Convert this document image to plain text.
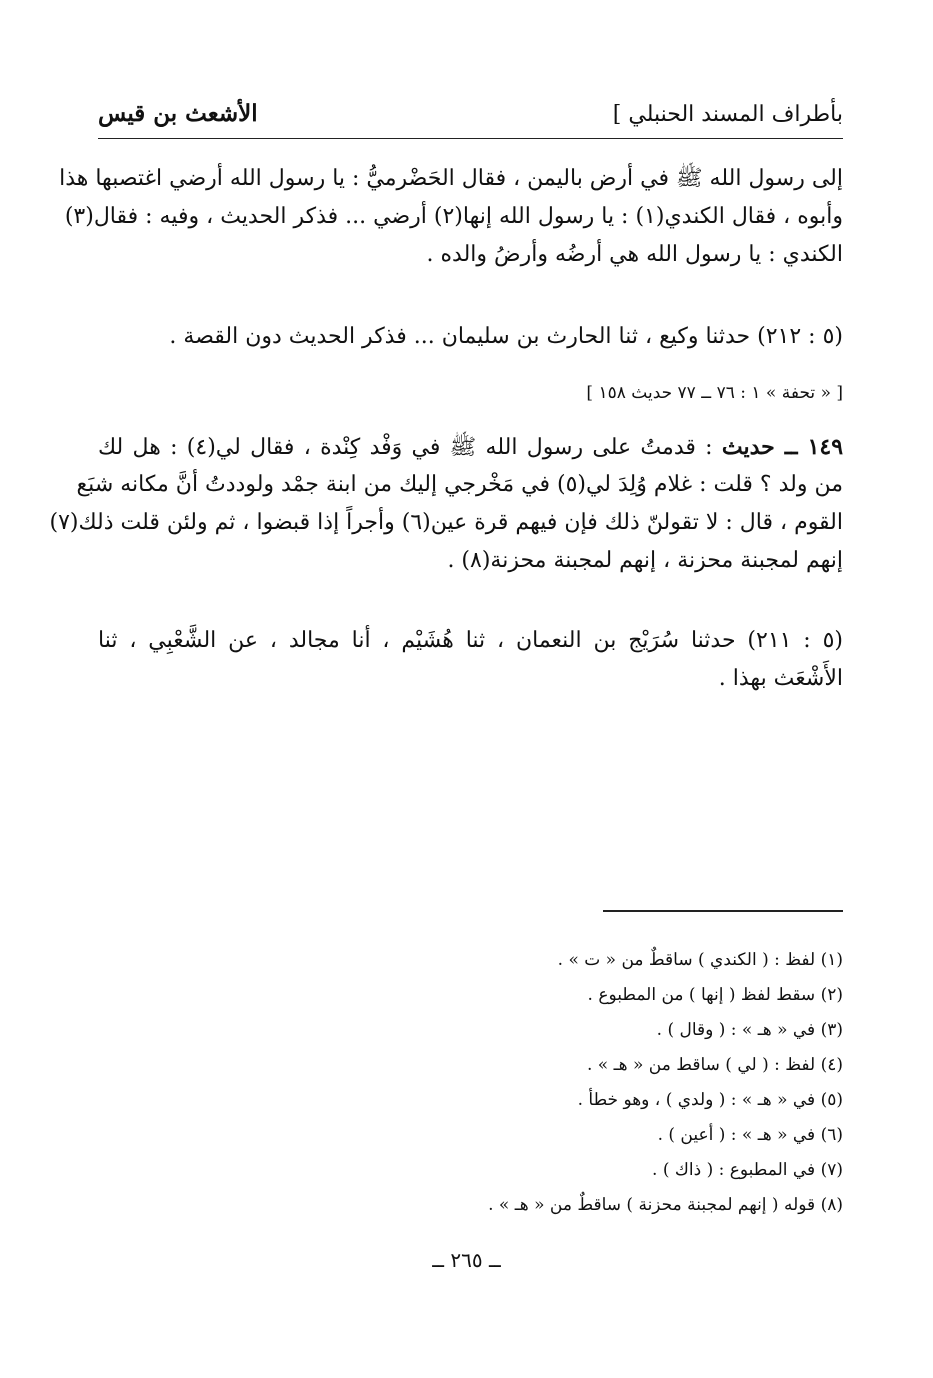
بأطراف المسند الحنبلي ]
الأشعث بن قيس
إلى رسول الله ﷺ في أرض باليمن ، فقال الحَضْرميُّ : يا رسول الله أرضي اغتصبها هذا
وأبوه ، فقال الكندي(١) : يا رسول الله إنها(٢) أرضي ... فذكر الحديث ، وفيه : فقال(٣)
الكندي : يا رسول الله هي أرضُه وأرضُ والده .
(٥ : ٢١٢) حدثنا وكيع ، ثنا الحارث بن سليمان ... فذكر الحديث دون القصة .
[ « تحفة » ١ : ٧٦ ــ ٧٧ حديث ١٥٨ ]
١٤٩ ــ حديث : قدمتُ على رسول الله ﷺ في وَفْد كِنْدة ، فقال لي(٤) : هل لك
من ولد ؟ قلت : غلام وُلِدَ لي(٥) في مَخْرجي إليك من ابنة جمْد ولوددتُ أنَّ مكانه شبَع
القوم ، قال : لا تقولنّ ذلك فإن فيهم قرة عين(٦) وأجراً إذا قبضوا ، ثم ولئن قلت ذلك(٧)
إنهم لمجبنة محزنة ، إنهم لمجبنة محزنة(٨) .
(٥ : ٢١١) حدثنا سُرَيْج بن النعمان ، ثنا هُشَيْم ، أنا مجالد ، عن الشَّعْبِي ، ثنا
الأَشْعَث بهذا .
(١) لفظ : ( الكندي ) ساقطٌ من « ت » .
(٢) سقط لفظ ( إنها ) من المطبوع .
(٣) في « هـ » : ( وقال ) .
(٤) لفظ : ( لي ) ساقط من « هـ » .
(٥) في « هـ » : ( ولدي ) ، وهو خطأ .
(٦) في « هـ » : ( أعين ) .
(٧) في المطبوع : ( ذاك ) .
(٨) قوله ( إنهم لمجبنة محزنة ) ساقطٌ من « هـ » .
ــ ٢٦٥ ــ
